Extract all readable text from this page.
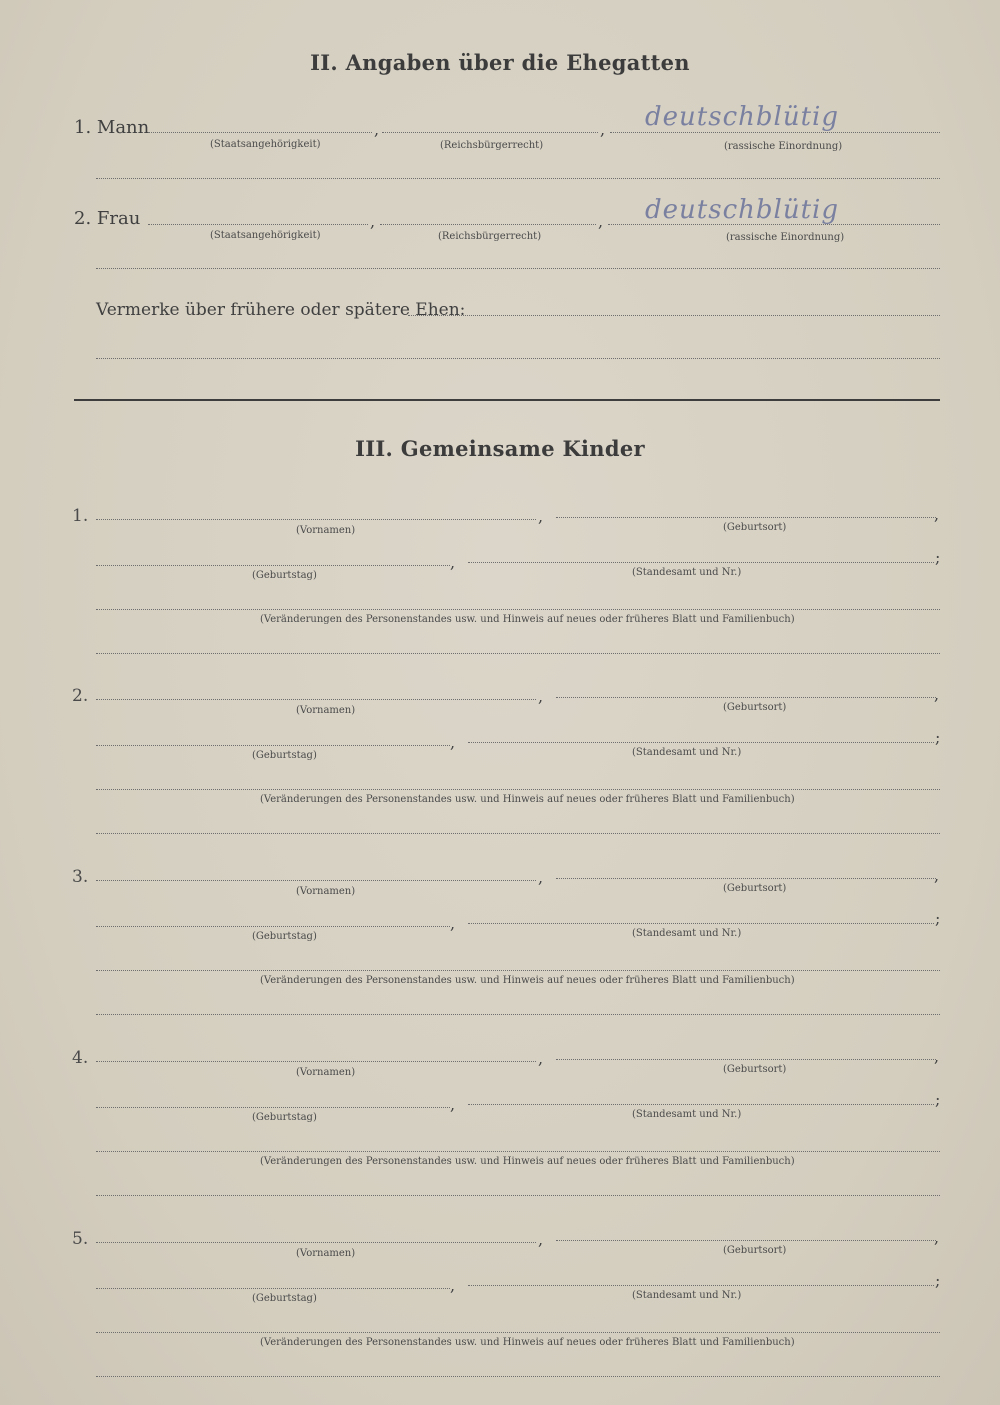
II. Angaben über die Ehegatten
1. Mann	,	, deutschblütig
(Staatsangehörigkeit)	(Reichsbürgerrecht)	(rassische Einordnung)
2. Frau	,	, deutschblütig
(Staatsangehörigkeit)	(Reichsbürgerrecht)	(rassische Einordnung)
Vermerke über frühere oder spätere Ehen:
III. Gemeinsame Kinder
1.	,	,
(Vornamen)	(Geburtsort)
,	;
(Geburtstag)	(Standesamt und Nr.)
(Veränderungen des Personenstandes usw. und Hinweis auf neues oder früheres Blatt und Familienbuch)
2.	,	,
(Vornamen)	(Geburtsort)
,	;
(Geburtstag)	(Standesamt und Nr.)
(Veränderungen des Personenstandes usw. und Hinweis auf neues oder früheres Blatt und Familienbuch)
3.	,	,
(Vornamen)	(Geburtsort)
,	;
(Geburtstag)	(Standesamt und Nr.)
(Veränderungen des Personenstandes usw. und Hinweis auf neues oder früheres Blatt und Familienbuch)
4.	,	,
(Vornamen)	(Geburtsort)
,	;
(Geburtstag)	(Standesamt und Nr.)
(Veränderungen des Personenstandes usw. und Hinweis auf neues oder früheres Blatt und Familienbuch)
5.	,	,
(Vornamen)	(Geburtsort)
,	;
(Geburtstag)	(Standesamt und Nr.)
(Veränderungen des Personenstandes usw. und Hinweis auf neues oder früheres Blatt und Familienbuch)
